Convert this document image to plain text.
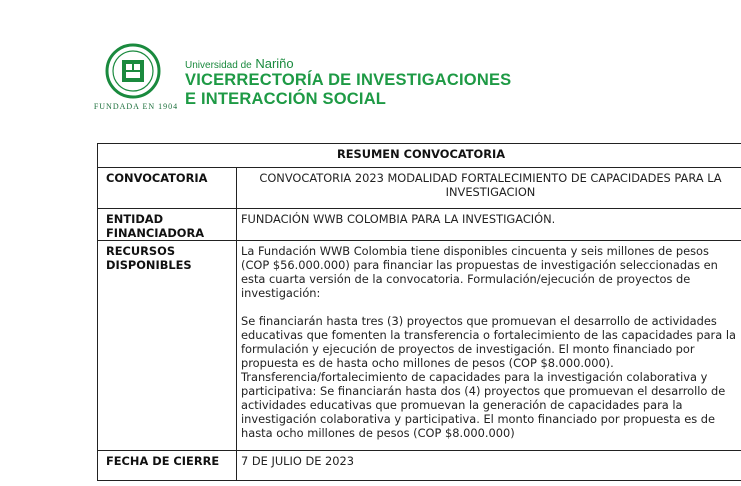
FUNDADA EN 1904
Universidad de Nariño
VICERRECTORÍA DE INVESTIGACIONES
E INTERACCIÓN SOCIAL
RESUMEN CONVOCATORIA	
CONVOCATORIA	CONVOCATORIA 2023 MODALIDAD FORTALECIMIENTO DE CAPACIDADES PARA LA INVESTIGACION
ENTIDAD FINANCIADORA	FUNDACIÓN WWB COLOMBIA PARA LA INVESTIGACIÓN.
RECURSOS DISPONIBLES	La Fundación WWB Colombia tiene disponibles cincuenta y seis millones de pesos (COP $56.000.000) para financiar las propuestas de investigación seleccionadas en esta cuarta versión de la convocatoria. Formulación/ejecución de proyectos de investigación:

Se financiarán hasta tres (3) proyectos que promuevan el desarrollo de actividades educativas que fomenten la transferencia o fortalecimiento de las capacidades para la formulación y ejecución de proyectos de investigación. El monto financiado por propuesta es de hasta ocho millones de pesos (COP $8.000.000). Transferencia/fortalecimiento de capacidades para la investigación colaborativa y participativa: Se financiarán hasta dos (4) proyectos que promuevan el desarrollo de actividades educativas que promuevan la generación de capacidades para la investigación colaborativa y participativa. El monto financiado por propuesta es de hasta ocho millones de pesos (COP $8.000.000)

FECHA DE CIERRE	7 DE JULIO DE 2023
